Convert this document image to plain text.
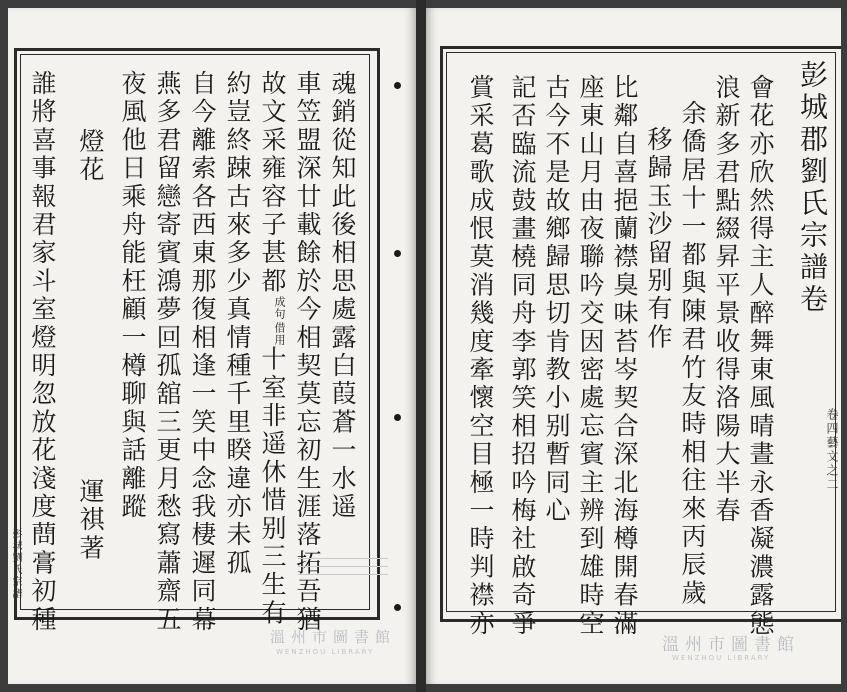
魂銷從知此後相思處露白葭蒼一水遥
車笠盟深廿載餘於今相契莫忘初生涯落拓吾猶
故文采雍容子甚都
借用
成句
十室非遥休惜别三生有
約豈終踈古來多少真情種千里睽違亦未孤
自今離索各西東那復相逢一笑中念我棲遲同幕
燕多君留戀寄賓鴻夢回孤舘三更月愁寫蕭齋五
夜風他日乘舟能枉顧一樽聊與話離蹤
燈花
誰將喜事報君家斗室燈明忽放花淺度蔄膏初種 運祺著
彭城劉氏宗譜
溫州市圖書館
WENZHOU LIBRARY
彭城郡劉氏宗譜卷
卷四藝文之二
會花亦欣然得主人醉舞東風晴晝永香凝濃露態
浪新多君點綴昇平景收得洛陽大半春
余僑居十一都與陳君竹友時相往來丙辰歲
移歸玉沙留别有作
比鄰自喜挹蘭襟臭味苔岑契合深北海樽開春滿
座東山月由夜聯吟交因密處忘賓主辨到雄時空
古今不是故鄉歸思切肯教小别暫同心
記否臨流鼓畫橈同舟李郭笑相招吟梅社啟奇爭
賞采葛歌成恨莫消幾度牽懷空目極一時判襟亦
溫州市圖書館
WENZHOU LIBRARY
